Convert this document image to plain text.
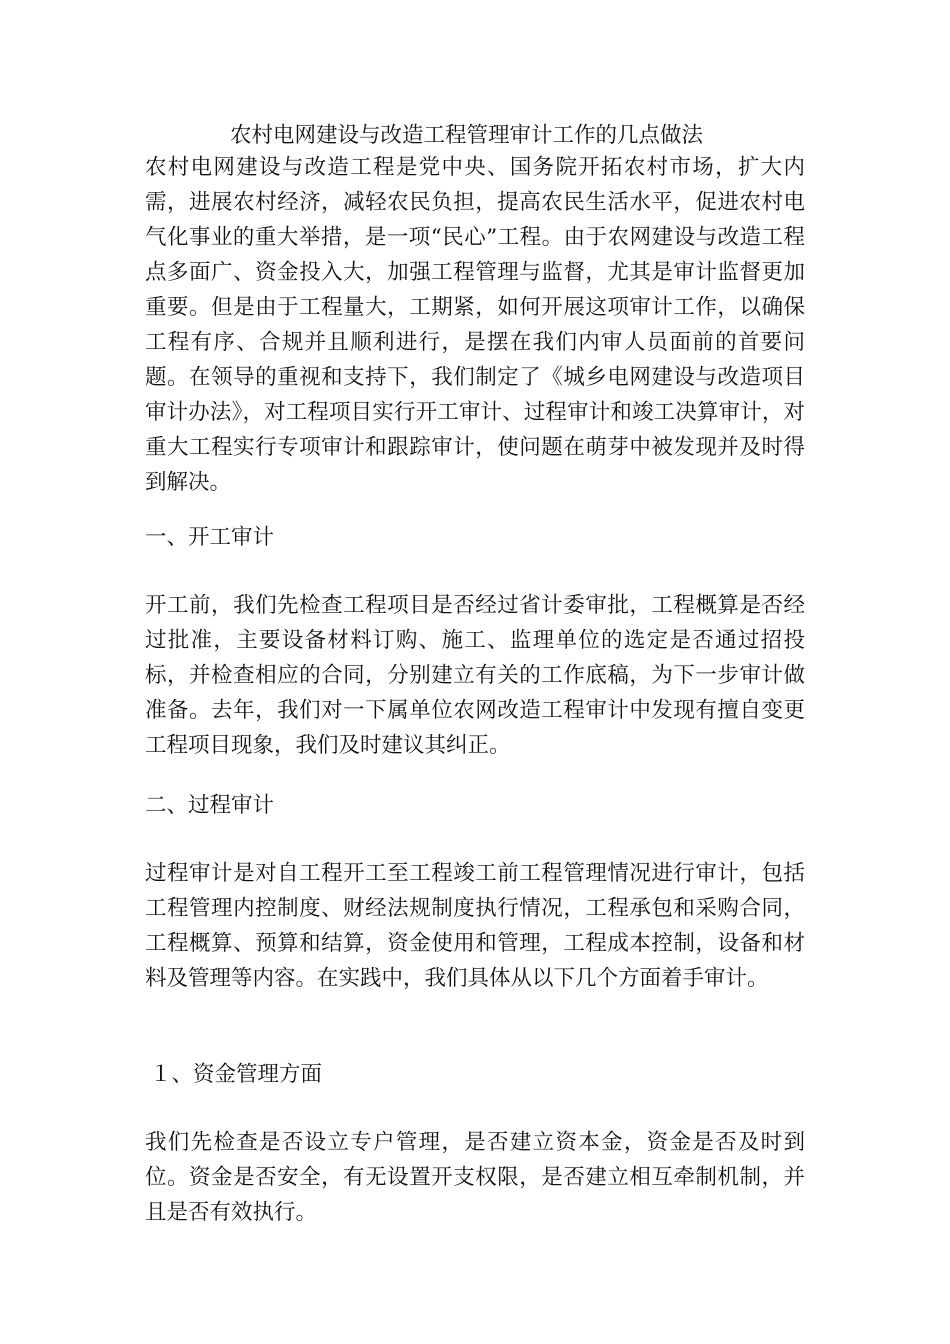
农村电网建设与改造工程管理审计工作的几点做法
农村电网建设与改造工程是党中央、国务院开拓农村市场，扩大内需，进展农村经济，减轻农民负担，提高农民生活水平，促进农村电气化事业的重大举措，是一项“民心”工程。由于农网建设与改造工程点多面广、资金投入大，加强工程管理与监督，尤其是审计监督更加重要。但是由于工程量大，工期紧，如何开展这项审计工作，以确保工程有序、合规并且顺利进行，是摆在我们内审人员面前的首要问题。在领导的重视和支持下，我们制定了《城乡电网建设与改造项目审计办法》，对工程项目实行开工审计、过程审计和竣工决算审计，对重大工程实行专项审计和跟踪审计，使问题在萌芽中被发现并及时得到解决。
一、开工审计
开工前，我们先检查工程项目是否经过省计委审批，工程概算是否经过批准，主要设备材料订购、施工、监理单位的选定是否通过招投标，并检查相应的合同，分别建立有关的工作底稿，为下一步审计做准备。去年，我们对一下属单位农网改造工程审计中发现有擅自变更工程项目现象，我们及时建议其纠正。
二、过程审计
过程审计是对自工程开工至工程竣工前工程管理情况进行审计，包括工程管理内控制度、财经法规制度执行情况，工程承包和采购合同，工程概算、预算和结算，资金使用和管理，工程成本控制，设备和材料及管理等内容。在实践中，我们具体从以下几个方面着手审计。
１、资金管理方面
我们先检查是否设立专户管理，是否建立资本金，资金是否及时到位。资金是否安全，有无设置开支权限，是否建立相互牵制机制，并且是否有效执行。
